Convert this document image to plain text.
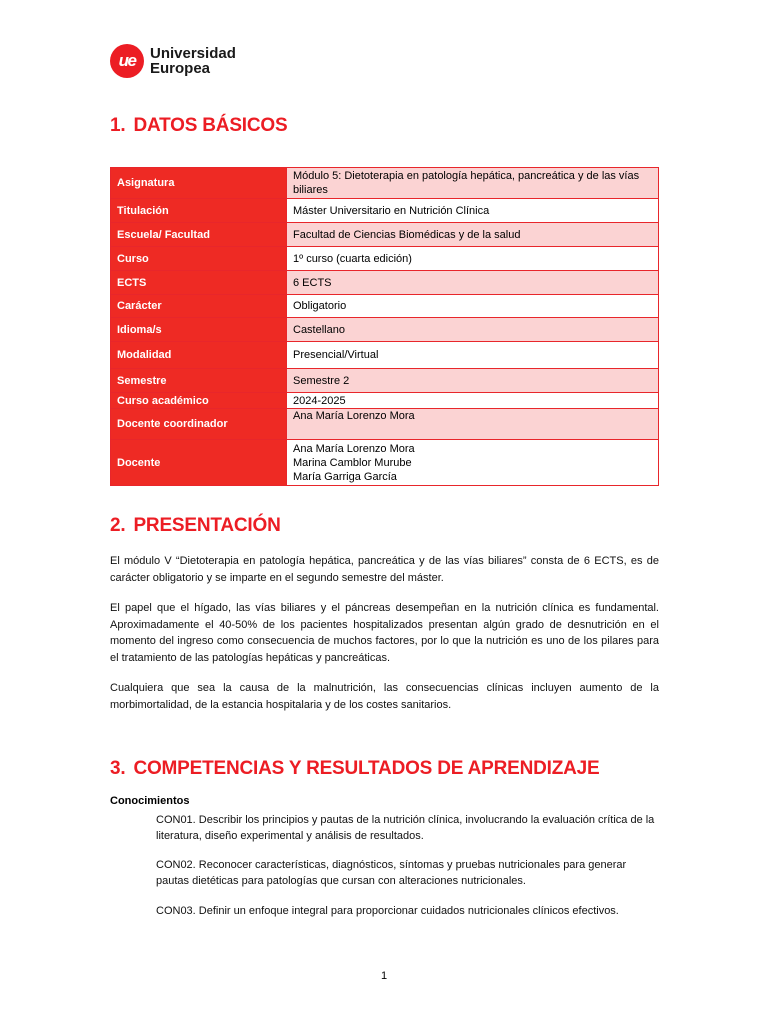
ue Universidad
Europea
1. DATOS BÁSICOS
Asignatura	Módulo 5: Dietoterapia en patología hepática, pancreática y de las vías biliares
Titulación	Máster Universitario en Nutrición Clínica
Escuela/ Facultad	Facultad de Ciencias Biomédicas y de la salud
Curso	1º curso (cuarta edición)
ECTS	6 ECTS
Carácter	Obligatorio
Idioma/s	Castellano
Modalidad	Presencial/Virtual
Semestre	Semestre 2
Curso académico	2024-2025
Docente coordinador	Ana María Lorenzo Mora
Docente	Ana María Lorenzo Mora
Marina Camblor Murube
María Garriga García
2. PRESENTACIÓN
El módulo V “Dietoterapia en patología hepática, pancreática y de las vías biliares” consta de 6 ECTS, es de carácter obligatorio y se imparte en el segundo semestre del máster.
El papel que el hígado, las vías biliares y el páncreas desempeñan en la nutrición clínica es fundamental. Aproximadamente el 40-50% de los pacientes hospitalizados presentan algún grado de desnutrición en el momento del ingreso como consecuencia de muchos factores, por lo que la nutrición es uno de los pilares para el tratamiento de las patologías hepáticas y pancreáticas.
Cualquiera que sea la causa de la malnutrición, las consecuencias clínicas incluyen aumento de la morbimortalidad, de la estancia hospitalaria y de los costes sanitarios.
3. COMPETENCIAS Y RESULTADOS DE APRENDIZAJE
Conocimientos
CON01. Describir los principios y pautas de la nutrición clínica, involucrando la evaluación crítica de la literatura, diseño experimental y análisis de resultados.
CON02. Reconocer características, diagnósticos, síntomas y pruebas nutricionales para generar pautas dietéticas para patologías que cursan con alteraciones nutricionales.
CON03. Definir un enfoque integral para proporcionar cuidados nutricionales clínicos efectivos.
1
